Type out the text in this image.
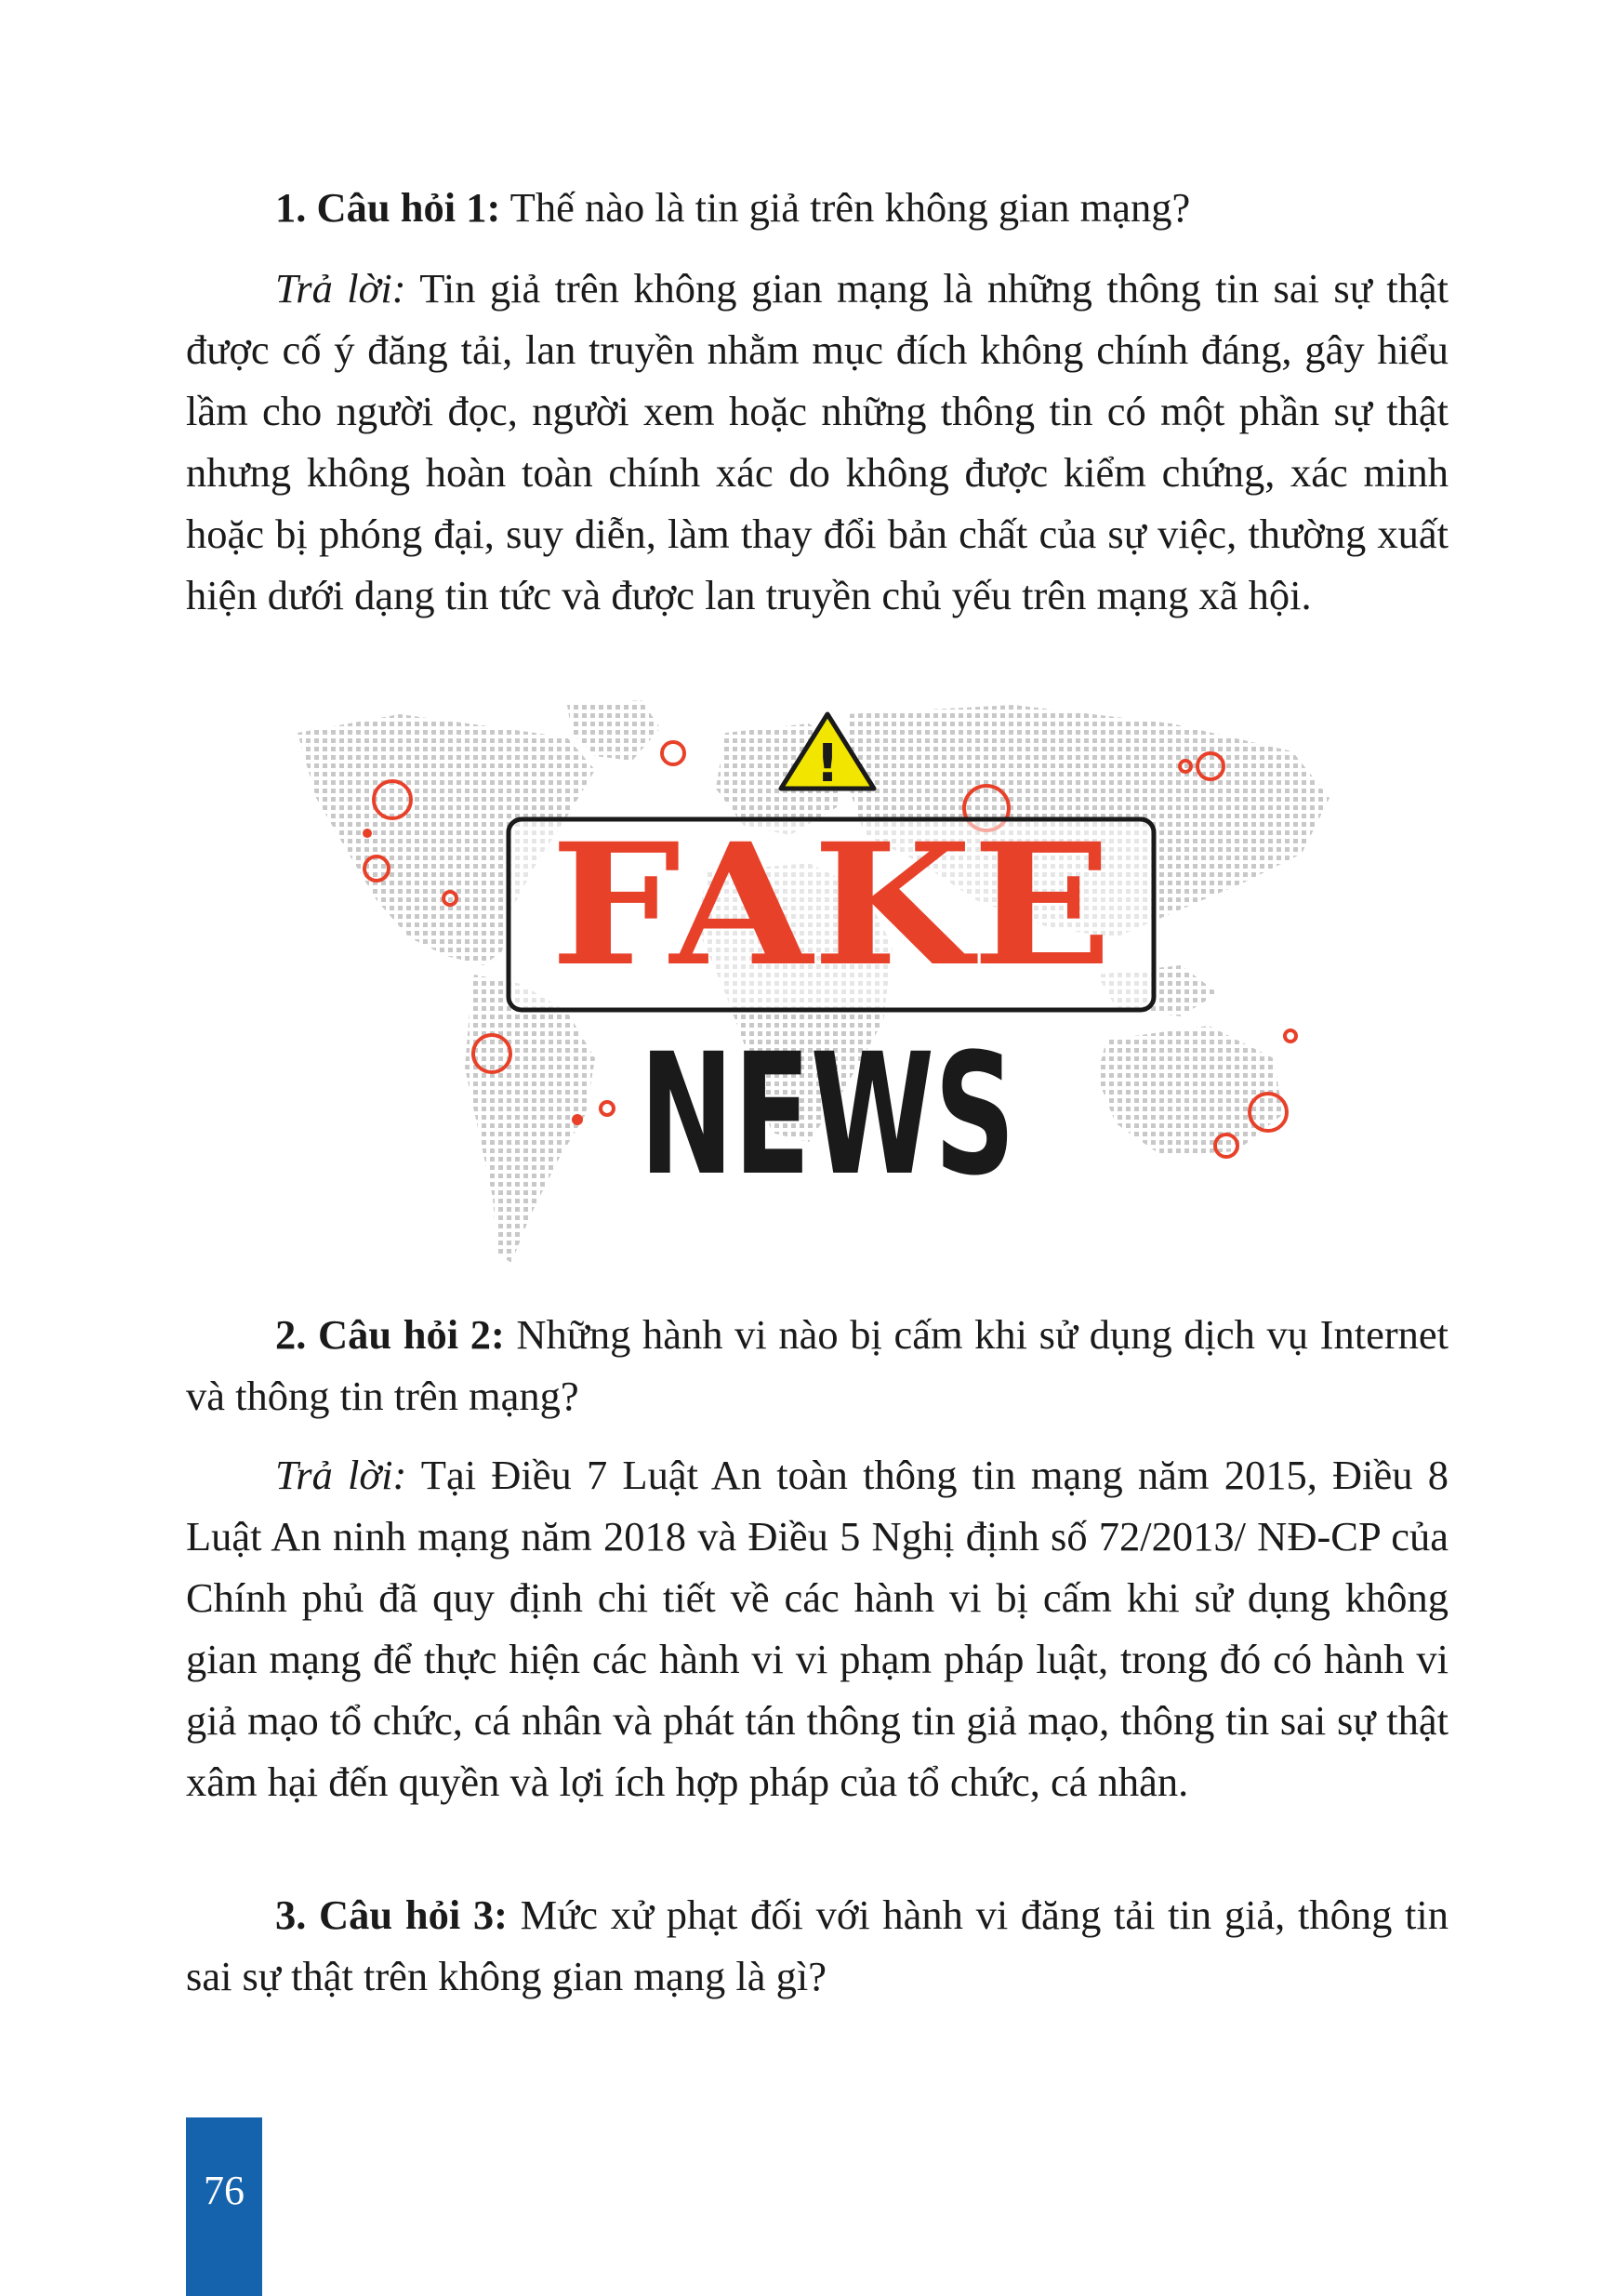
1. Câu hỏi 1: Thế nào là tin giả trên không gian mạng?

Trả lời: Tin giả trên không gian mạng là những thông tin sai sự thật được cố ý đăng tải, lan truyền nhằm mục đích không chính đáng, gây hiểu lầm cho người đọc, người xem hoặc những thông tin có một phần sự thật nhưng không hoàn toàn chính xác do không được kiểm chứng, xác minh hoặc bị phóng đại, suy diễn, làm thay đổi bản chất của sự việc, thường xuất hiện dưới dạng tin tức và được lan truyền chủ yếu trên mạng xã hội.

!
FAKE
NEWS

2. Câu hỏi 2: Những hành vi nào bị cấm khi sử dụng dịch vụ Internet và thông tin trên mạng?

Trả lời: Tại Điều 7 Luật An toàn thông tin mạng năm 2015, Điều 8 Luật An ninh mạng năm 2018 và Điều 5 Nghị định số 72/2013/ NĐ-CP của Chính phủ đã quy định chi tiết về các hành vi bị cấm khi sử dụng không gian mạng để thực hiện các hành vi vi phạm pháp luật, trong đó có hành vi giả mạo tổ chức, cá nhân và phát tán thông tin giả mạo, thông tin sai sự thật xâm hại đến quyền và lợi ích hợp pháp của tổ chức, cá nhân.

3. Câu hỏi 3: Mức xử phạt đối với hành vi đăng tải tin giả, thông tin sai sự thật trên không gian mạng là gì?

76
